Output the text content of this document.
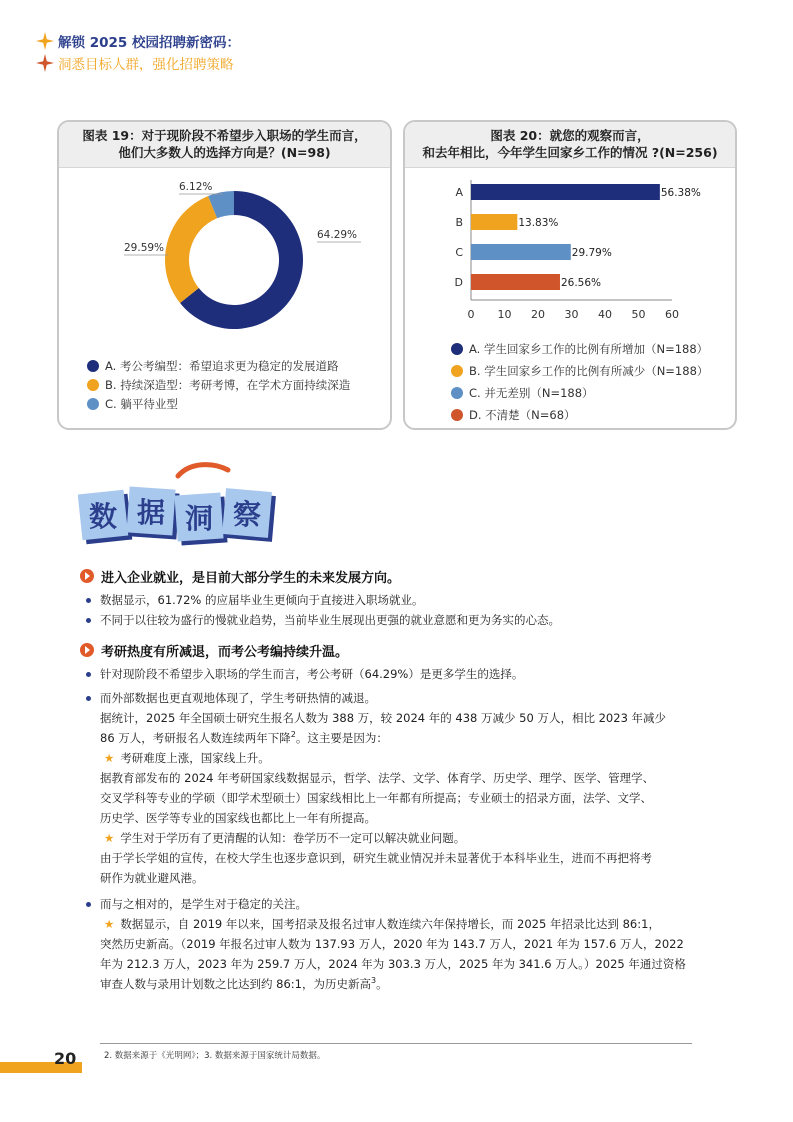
解锁 2025 校园招聘新密码：
洞悉目标人群，强化招聘策略
图表 19：对于现阶段不希望步入职场的学生而言，
他们大多数人的选择方向是？(N=98)
64.29%
29.59%
6.12%
A. 考公考编型：希望追求更为稳定的发展道路
B. 持续深造型：考研考博，在学术方面持续深造
C. 躺平待业型
图表 20：就您的观察而言，
和去年相比，今年学生回家乡工作的情况 ?(N=256)
A	56.38%
B	13.83%
C	29.79%
D	26.56%
0 10 20 30 40 50 60
A. 学生回家乡工作的比例有所增加（N=188）
B. 学生回家乡工作的比例有所减少（N=188）
C. 并无差别（N=188）
D. 不清楚（N=68）
数 据 洞 察
进入企业就业，是目前大部分学生的未来发展方向。
数据显示，61.72% 的应届毕业生更倾向于直接进入职场就业。
不同于以往较为盛行的慢就业趋势，当前毕业生展现出更强的就业意愿和更为务实的心态。
考研热度有所减退，而考公考编持续升温。
针对现阶段不希望步入职场的学生而言，考公考研（64.29%）是更多学生的选择。
而外部数据也更直观地体现了，学生考研热情的减退。
据统计，2025 年全国硕士研究生报名人数为 388 万，较 2024 年的 438 万减少 50 万人，相比 2023 年减少
86 万人，考研报名人数连续两年下降$^2$。这主要是因为：
★ 考研难度上涨，国家线上升。
据教育部发布的 2024 年考研国家线数据显示，哲学、法学、文学、体育学、历史学、理学、医学、管理学、
交叉学科等专业的学硕（即学术型硕士）国家线相比上一年都有所提高；专业硕士的招录方面，法学、文学、
历史学、医学等专业的国家线也都比上一年有所提高。
★ 学生对于学历有了更清醒的认知：卷学历不一定可以解决就业问题。
由于学长学姐的宣传，在校大学生也逐步意识到，研究生就业情况并未显著优于本科毕业生，进而不再把将考
研作为就业避风港。
而与之相对的，是学生对于稳定的关注。
★ 数据显示，自 2019 年以来，国考招录及报名过审人数连续六年保持增长，而 2025 年招录比达到 86:1，
突然历史新高。（2019 年报名过审人数为 137.93 万人，2020 年为 143.7 万人，2021 年为 157.6 万人，2022
年为 212.3 万人，2023 年为 259.7 万人，2024 年为 303.3 万人，2025 年为 341.6 万人。）2025 年通过资格
审查人数与录用计划数之比达到约 86:1，为历史新高$^3$。
2. 数据来源于《光明网》；3. 数据来源于国家统计局数据。
20
